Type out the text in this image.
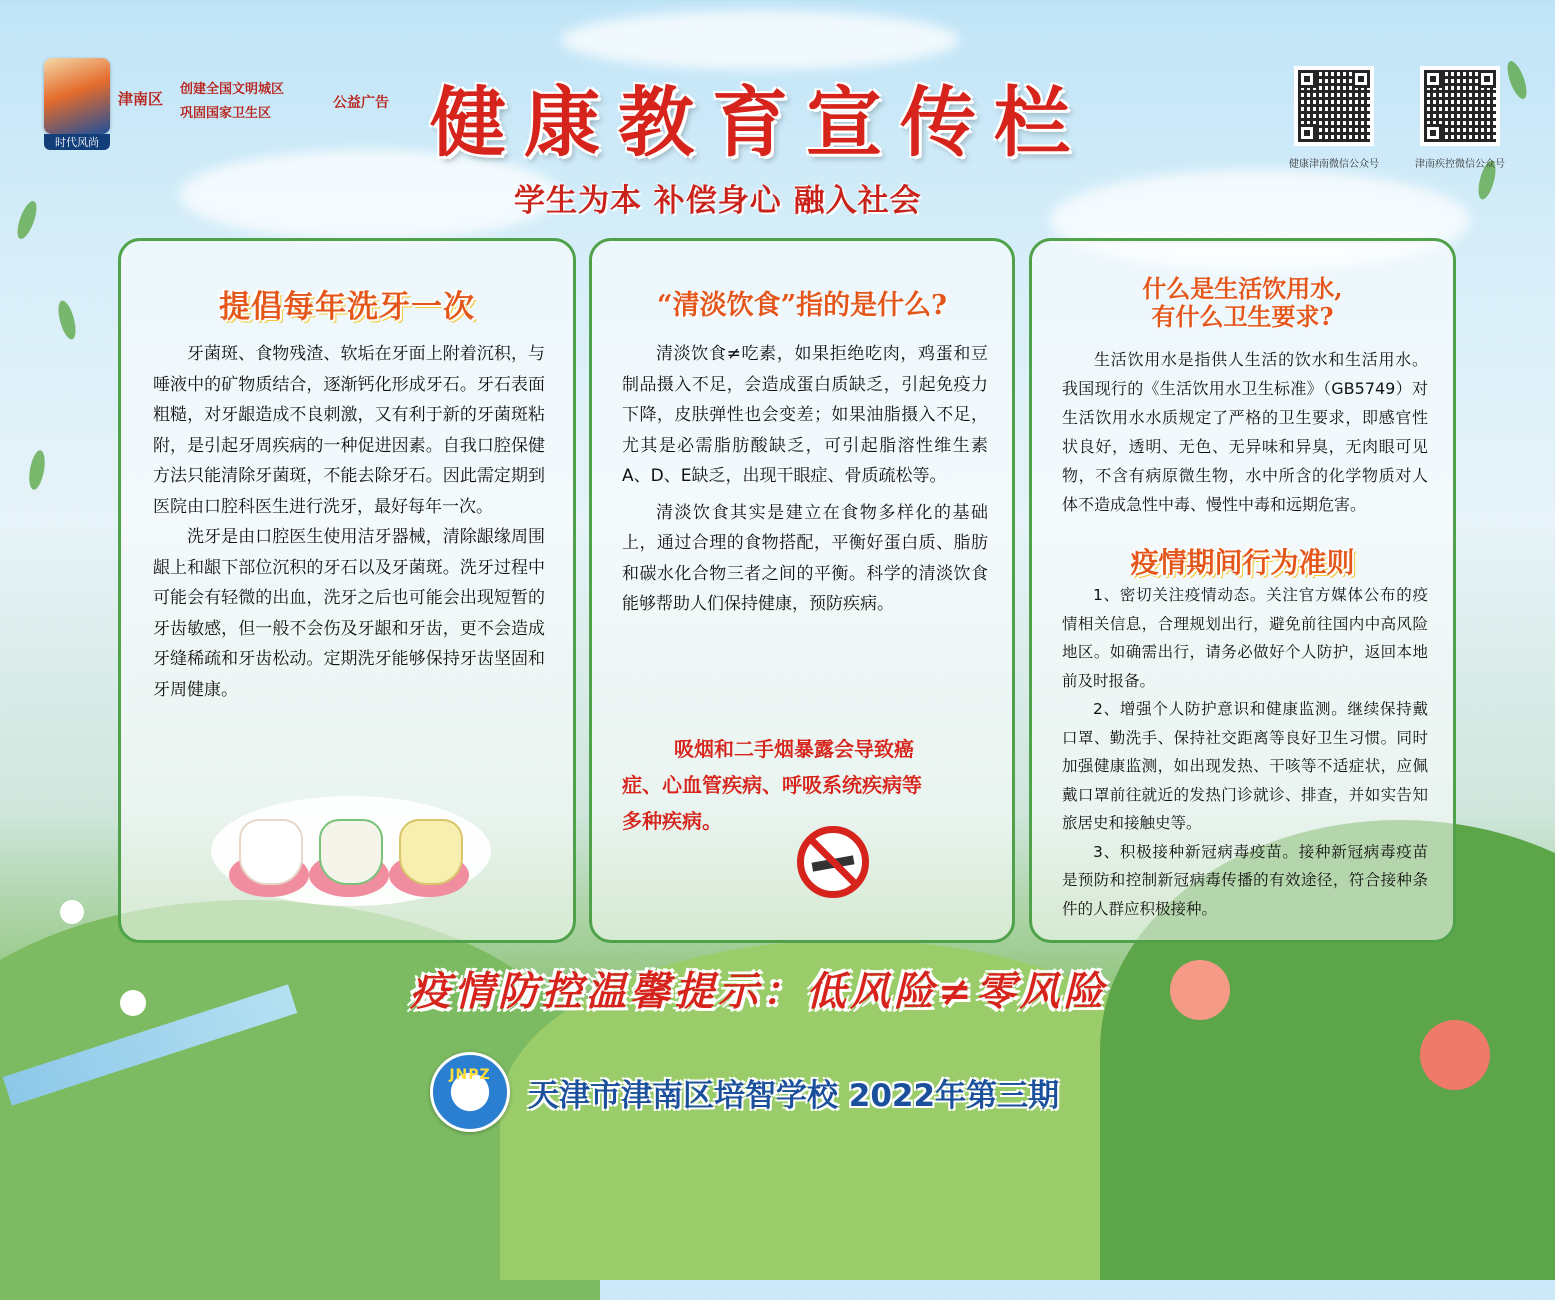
时代风尚
津南区
创建全国文明城区
巩固国家卫生区
公益广告 健康教育宣传栏
学生为本 补偿身心 融入社会
健康津南微信公众号	津南疾控微信公众号
提倡每年洗牙一次

牙菌斑、食物残渣、软垢在牙面上附着沉积，与唾液中的矿物质结合，逐渐钙化形成牙石。牙石表面粗糙，对牙龈造成不良刺激，又有利于新的牙菌斑粘附，是引起牙周疾病的一种促进因素。自我口腔保健方法只能清除牙菌斑，不能去除牙石。因此需定期到医院由口腔科医生进行洗牙，最好每年一次。

洗牙是由口腔医生使用洁牙器械，清除龈缘周围龈上和龈下部位沉积的牙石以及牙菌斑。洗牙过程中可能会有轻微的出血，洗牙之后也可能会出现短暂的牙齿敏感，但一般不会伤及牙龈和牙齿，更不会造成牙缝稀疏和牙齿松动。定期洗牙能够保持牙齿坚固和牙周健康。

“清淡饮食”指的是什么?

清淡饮食≠吃素，如果拒绝吃肉，鸡蛋和豆制品摄入不足，会造成蛋白质缺乏，引起免疫力下降，皮肤弹性也会变差；如果油脂摄入不足，尤其是必需脂肪酸缺乏，可引起脂溶性维生素A、D、E缺乏，出现干眼症、骨质疏松等。

清淡饮食其实是建立在食物多样化的基础上，通过合理的食物搭配，平衡好蛋白质、脂肪和碳水化合物三者之间的平衡。科学的清淡饮食能够帮助人们保持健康，预防疾病。

吸烟和二手烟暴露会导致癌
症、心血管疾病、呼吸系统疾病等
多种疾病。
什么是生活饮用水,
有什么卫生要求?

生活饮用水是指供人生活的饮水和生活用水。我国现行的《生活饮用水卫生标准》（GB5749）对生活饮用水水质规定了严格的卫生要求，即感官性状良好，透明、无色、无异味和异臭，无肉眼可见物，不含有病原微生物，水中所含的化学物质对人体不造成急性中毒、慢性中毒和远期危害。

疫情期间行为准则

1、密切关注疫情动态。关注官方媒体公布的疫情相关信息，合理规划出行，避免前往国内中高风险地区。如确需出行，请务必做好个人防护，返回本地前及时报备。

2、增强个人防护意识和健康监测。继续保持戴口罩、勤洗手、保持社交距离等良好卫生习惯。同时加强健康监测，如出现发热、干咳等不适症状，应佩戴口罩前往就近的发热门诊就诊、排查，并如实告知旅居史和接触史等。

3、积极接种新冠病毒疫苗。接种新冠病毒疫苗是预防和控制新冠病毒传播的有效途径，符合接种条件的人群应积极接种。

疫情防控温馨提示：低风险≠零风险
JNPZ
天津市津南区培智学校 2022年第三期
